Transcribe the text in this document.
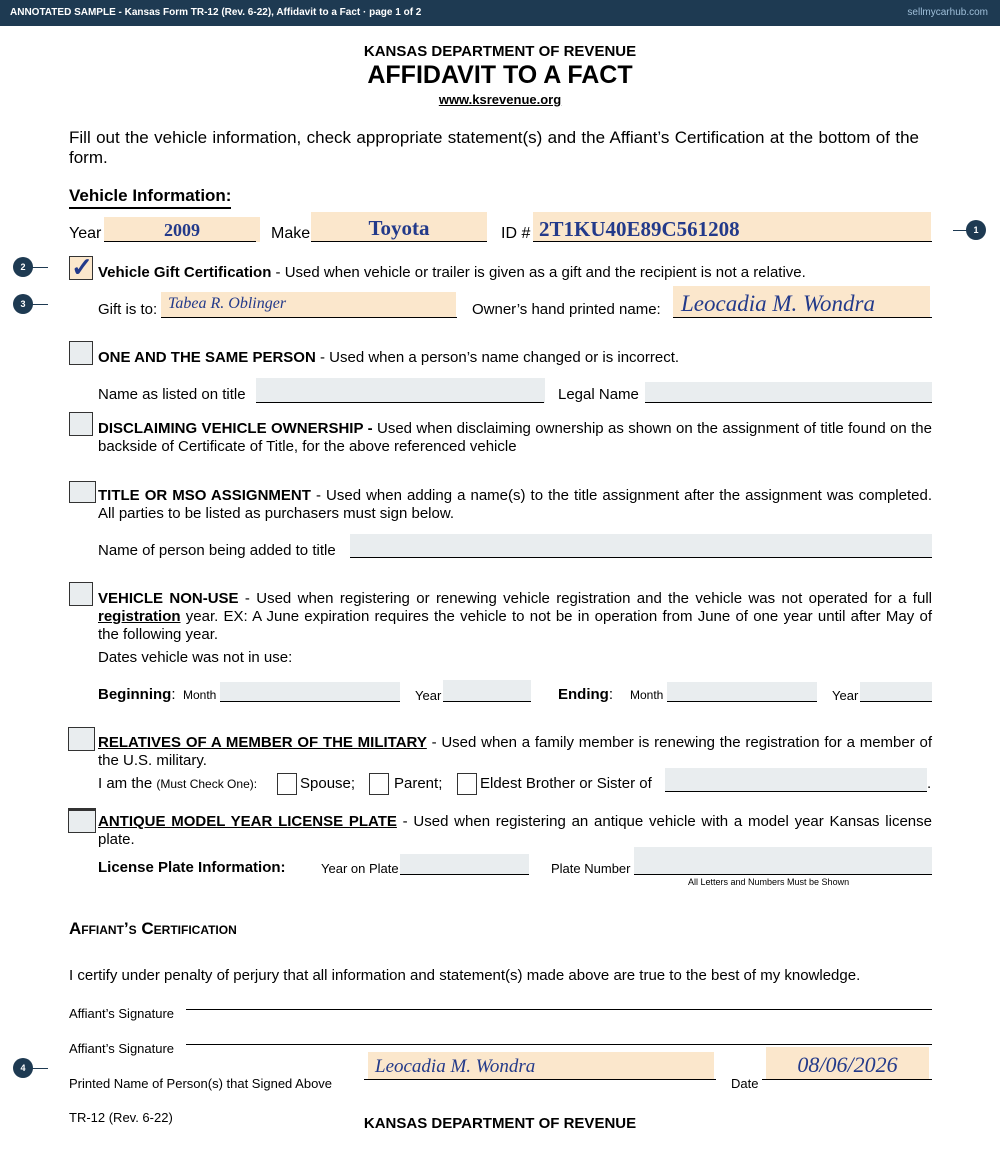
ANNOTATED SAMPLE - Kansas Form TR-12 (Rev. 6-22), Affidavit to a Fact · page 1 of 2	sellmycarhub.com
KANSAS DEPARTMENT OF REVENUE
AFFIDAVIT TO A FACT
www.ksrevenue.org
Fill out the vehicle information, check appropriate statement(s) and the Affiant’s Certification at the bottom of the form.
Vehicle Information:
Year	2009	Make	Toyota	ID # 2T1KU40E89C561208	1
2 ✓ Vehicle Gift Certification - Used when vehicle or trailer is given as a gift and the recipient is not a relative.
3	Gift is to: Tabea R. Oblinger	Owner’s hand printed name: Leocadia M. Wondra
ONE AND THE SAME PERSON - Used when a person’s name changed or is incorrect.
Name as listed on title	Legal Name
DISCLAIMING VEHICLE OWNERSHIP - Used when disclaiming ownership as shown on the assignment of title found on the backside of Certificate of Title, for the above referenced vehicle
TITLE OR MSO ASSIGNMENT - Used when adding a name(s) to the title assignment after the assignment was completed. All parties to be listed as purchasers must sign below.
Name of person being added to title
VEHICLE NON-USE - Used when registering or renewing vehicle registration and the vehicle was not operated for a full registration year. EX: A June expiration requires the vehicle to not be in operation from June of one year until after May of the following year.
Dates vehicle was not in use:
Beginning: Month	Year	Ending: Month	Year
RELATIVES OF A MEMBER OF THE MILITARY - Used when a family member is renewing the registration for a member of the U.S. military.
I am the (Must Check One):	Spouse;	Parent;	Eldest Brother or Sister of	.
ANTIQUE MODEL YEAR LICENSE PLATE - Used when registering an antique vehicle with a model year Kansas license plate.
License Plate Information:	Year on Plate	Plate Number
All Letters and Numbers Must be Shown
Affiant’s Certification
I certify under penalty of perjury that all information and statement(s) made above are true to the best of my knowledge.
Affiant’s Signature
Affiant’s Signature
4
Printed Name of Person(s) that Signed Above
Leocadia M. Wondra
Date
08/06/2026
TR-12 (Rev. 6-22)	KANSAS DEPARTMENT OF REVENUE
